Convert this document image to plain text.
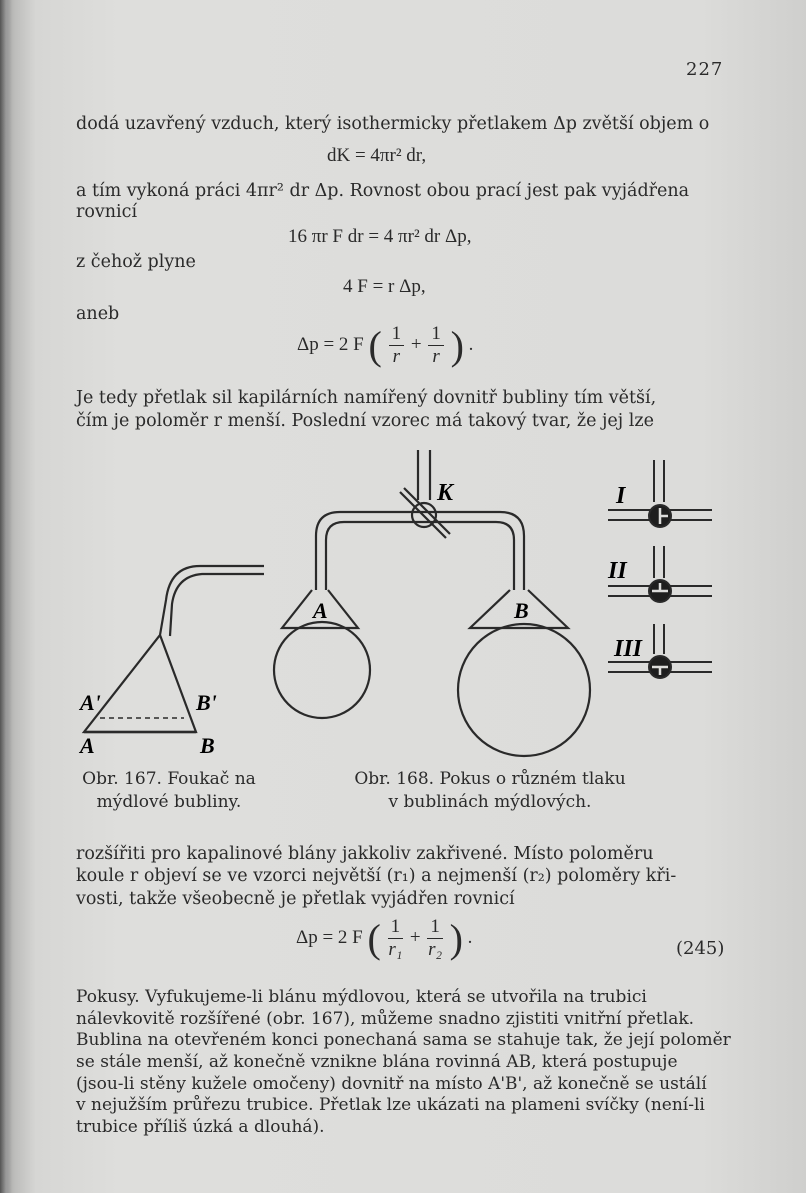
227
dodá uzavřený vzduch, který isothermicky přetlakem Δp zvětší objem o
dK = 4πr² dr,
a tím vykoná práci 4πr² dr Δp. Rovnost obou prací jest pak vyjádřena
rovnicí
16 πr F dr = 4 πr² dr Δp,
z čehož plyne
4 F = r Δp,
aneb
Δp = 2 F ( $\frac{1}{r} + \frac{1}{r}$ ) .
Je tedy přetlak sil kapilárních namířený dovnitř bubliny tím větší,
čím je poloměr r menší. Poslední vzorec má takový tvar, že jej lze
A'	B'
A	B
K
A	B
I
II
III
Obr. 167. Foukač na
mýdlové bubliny.
Obr. 168. Pokus o různém tlaku
v bublinách mýdlových.
rozšířiti pro kapalinové blány jakkoliv zakřivené. Místo poloměru
koule r objeví se ve vzorci největší (r₁) a nejmenší (r₂) poloměry kři-
vosti, takže všeobecně je přetlak vyjádřen rovnicí
Δp = 2 F ( $\frac{1}{\text{r₁}} + \frac{1}{\text{r₂}}$ ) .
(245)
Pokusy. Vyfukujeme-li blánu mýdlovou, která se utvořila na trubici
nálevkovitě rozšířené (obr. 167), můžeme snadno zjistiti vnitřní přetlak.
Bublina na otevřeném konci ponechaná sama se stahuje tak, že její poloměr
se stále menší, až konečně vznikne blána rovinná AB, která postupuje
(jsou-li stěny kužele omočeny) dovnitř na místo A'B', až konečně se ustálí
v nejužším průřezu trubice. Přetlak lze ukázati na plameni svíčky (není-li
trubice příliš úzká a dlouhá).
